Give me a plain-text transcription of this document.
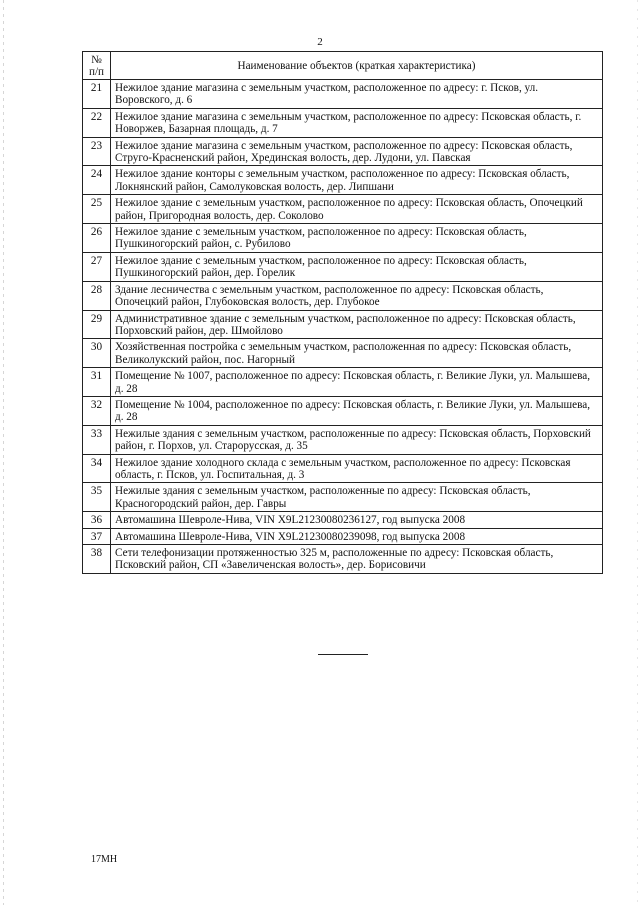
2
№
п/п	Наименование объектов (краткая характеристика)
21	Нежилое здание магазина с земельным участком, расположенное по адресу: г. Псков, ул. Воровского, д. 6
22	Нежилое здание магазина с земельным участком, расположенное по адресу: Псковская область, г. Новоржев, Базарная площадь, д. 7
23	Нежилое здание магазина с земельным участком, расположенное по адресу: Псковская область, Струго-Красненский район, Хрединская волость, дер. Лудони, ул. Павская
24	Нежилое здание конторы с земельным участком, расположенное по адресу: Псковская область, Локнянский район, Самолуковская волость, дер. Липшани
25	Нежилое здание с земельным участком, расположенное по адресу: Псковская область, Опочецкий район, Пригородная волость, дер. Соколово
26	Нежилое здание с земельным участком, расположенное по адресу: Псковская область, Пушкиногорский район, с. Рубилово
27	Нежилое здание с земельным участком, расположенное по адресу: Псковская область, Пушкиногорский район, дер. Горелик
28	Здание лесничества с земельным участком, расположенное по адресу: Псковская область, Опочецкий район, Глубоковская волость, дер. Глубокое
29	Административное здание с земельным участком, расположенное по адресу: Псковская область, Порховский район, дер. Шмойлово
30	Хозяйственная постройка с земельным участком, расположенная по адресу: Псковская область, Великолукский район, пос. Нагорный
31	Помещение № 1007, расположенное по адресу: Псковская область, г. Великие Луки, ул. Малышева, д. 28
32	Помещение № 1004, расположенное по адресу: Псковская область, г. Великие Луки, ул. Малышева, д. 28
33	Нежилые здания с земельным участком, расположенные по адресу: Псковская область, Порховский район, г. Порхов, ул. Старорусская, д. 35
34	Нежилое здание холодного склада с земельным участком, расположенное по адресу: Псковская область, г. Псков, ул. Госпитальная, д. 3
35	Нежилые здания с земельным участком, расположенные по адресу: Псковская область, Красногородский район, дер. Гавры
36	Автомашина Шевроле-Нива, VIN X9L21230080236127, год выпуска 2008
37	Автомашина Шевроле-Нива, VIN X9L21230080239098, год выпуска 2008
38	Сети телефонизации протяженностью 325 м, расположенные по адресу: Псковская область, Псковский район, СП «Завеличенская волость», дер. Борисовичи
17МН
